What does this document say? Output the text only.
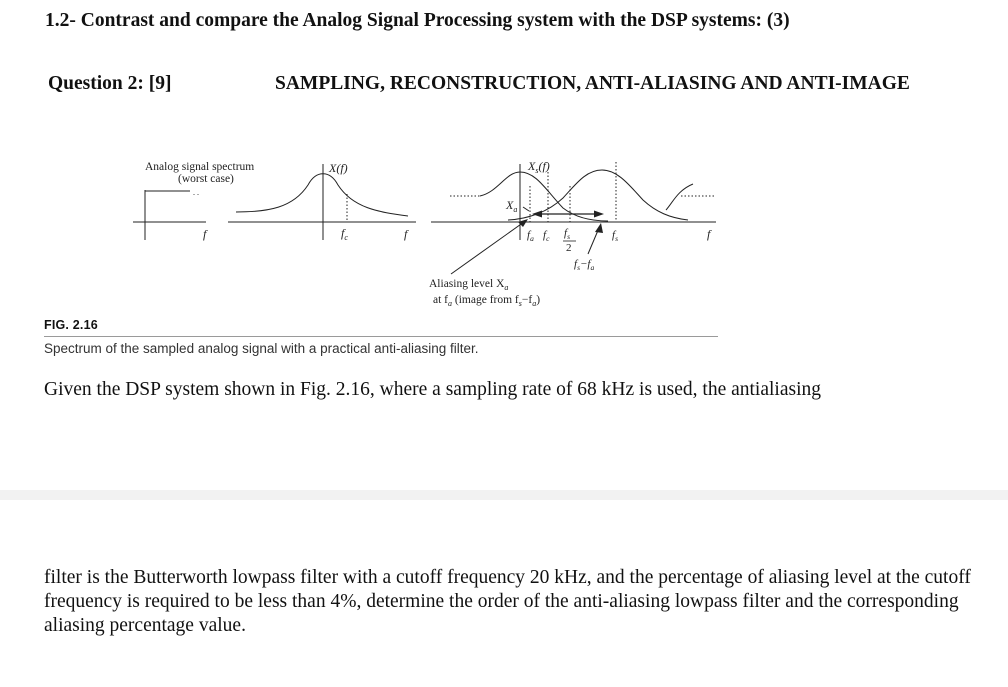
1.2- Contrast and compare the Analog Signal Processing system with the DSP systems: (3)
Question 2: [9]	SAMPLING, RECONSTRUCTION, ANTI-ALIASING AND ANTI-IMAGE
. .
Analog signal spectrum
(worst case)
f
X(f)
$f_c$	f
$X_s(f)$
$X_a$
$f_a$ $f_c$ $f_s$
2
$f_s$
$f_s-f_a$
f
Aliasing level $X_a$
at $f_a$ (image from $f_s-f_a$)
FIG. 2.16
Spectrum of the sampled analog signal with a practical anti-aliasing filter.
Given the DSP system shown in Fig. 2.16, where a sampling rate of 68 kHz is used, the antialiasing
filter is the Butterworth lowpass filter with a cutoff frequency 20 kHz, and the percentage of aliasing level at the cutoff frequency is required to be less than 4%, determine the order of the anti-aliasing lowpass filter and the corresponding aliasing percentage value.
